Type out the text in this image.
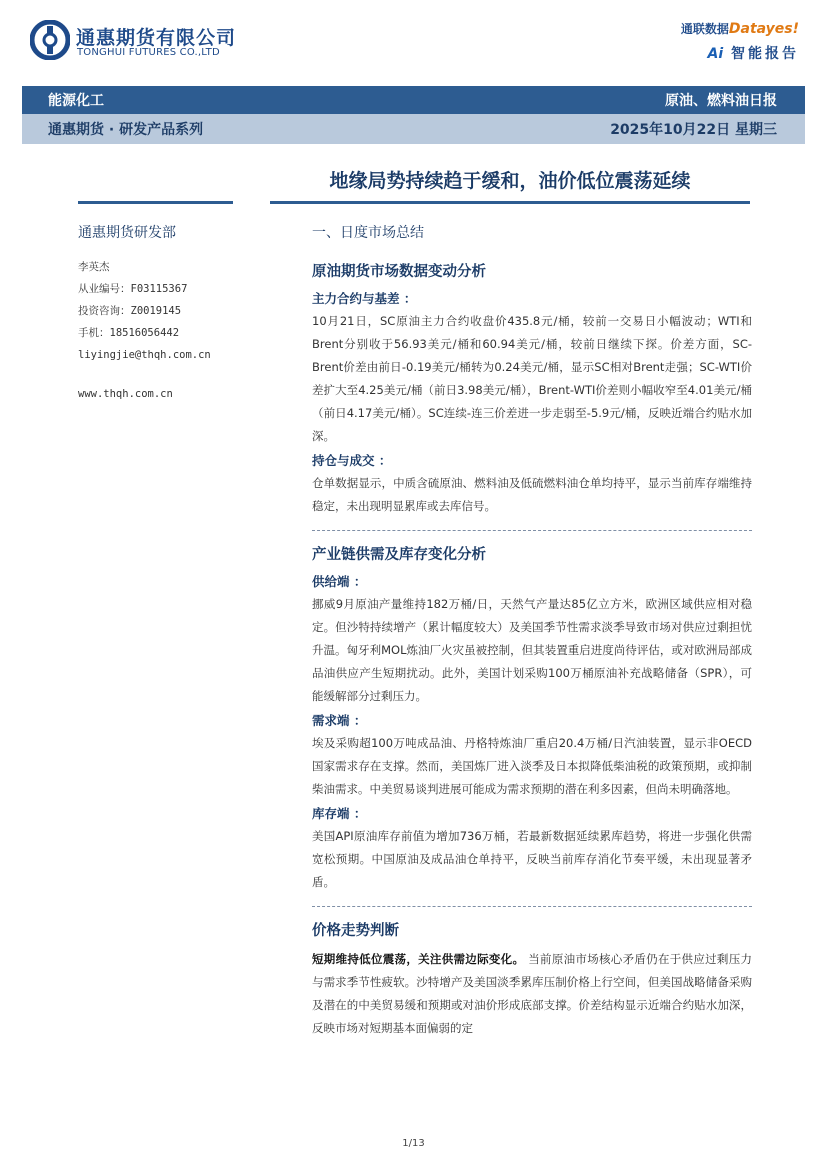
通惠期货有限公司
TONGHUI FUTURES CO.,LTD
通联数据Datayes!
Ai 智能报告
能源化工	原油、燃料油日报
通惠期货 · 研发产品系列	2025年10月22日 星期三
地缘局势持续趋于缓和，油价低位震荡延续
通惠期货研发部
李英杰
从业编号：F03115367
投资咨询：Z0019145
手机：18516056442
liyingjie@thqh.com.cn
www.thqh.com.cn
一、日度市场总结
原油期货市场数据变动分析
主力合约与基差 ：

10月21日，SC原油主力合约收盘价435.8元/桶，较前一交易日小幅波动；WTI和Brent分别收于56.93美元/桶和60.94美元/桶，较前日继续下探。价差方面，SC-Brent价差由前日-0.19美元/桶转为0.24美元/桶，显示SC相对Brent走强；SC-WTI价差扩大至4.25美元/桶（前日3.98美元/桶），Brent-WTI价差则小幅收窄至4.01美元/桶（前日4.17美元/桶）。SC连续-连三价差进一步走弱至-5.9元/桶，反映近端合约贴水加深。

持仓与成交 ：

仓单数据显示，中质含硫原油、燃料油及低硫燃料油仓单均持平，显示当前库存端维持稳定，未出现明显累库或去库信号。

产业链供需及库存变化分析
供给端 ：

挪威9月原油产量维持182万桶/日，天然气产量达85亿立方米，欧洲区域供应相对稳定。但沙特持续增产（累计幅度较大）及美国季节性需求淡季导致市场对供应过剩担忧升温。匈牙利MOL炼油厂火灾虽被控制，但其装置重启进度尚待评估，或对欧洲局部成品油供应产生短期扰动。此外，美国计划采购100万桶原油补充战略储备（SPR），可能缓解部分过剩压力。

需求端 ：

埃及采购超100万吨成品油、丹格特炼油厂重启20.4万桶/日汽油装置，显示非OECD国家需求存在支撑。然而，美国炼厂进入淡季及日本拟降低柴油税的政策预期，或抑制柴油需求。中美贸易谈判进展可能成为需求预期的潜在利多因素，但尚未明确落地。

库存端 ：

美国API原油库存前值为增加736万桶，若最新数据延续累库趋势，将进一步强化供需宽松预期。中国原油及成品油仓单持平，反映当前库存消化节奏平缓，未出现显著矛盾。

价格走势判断

短期维持低位震荡，关注供需边际变化。 当前原油市场核心矛盾仍在于供应过剩压力与需求季节性疲软。沙特增产及美国淡季累库压制价格上行空间，但美国战略储备采购及潜在的中美贸易缓和预期或对油价形成底部支撑。价差结构显示近端合约贴水加深，反映市场对短期基本面偏弱的定

1/13
